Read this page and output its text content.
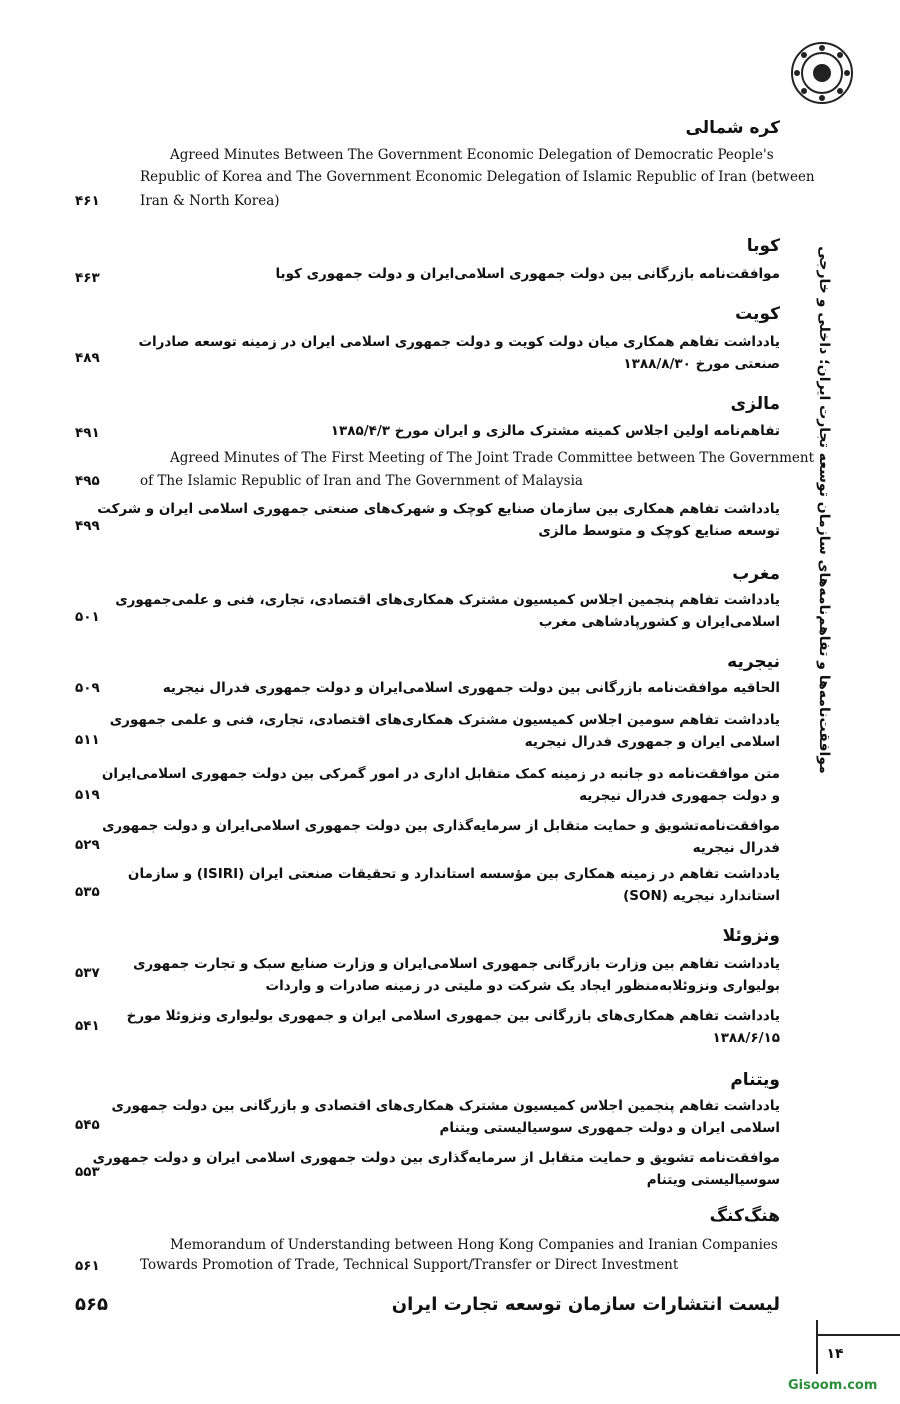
موافقت‌نامه‌ها و تفاهم‌نامه‌های سازمان توسعه تجارت ایران؛ داخلی و خارجی
کره شمالی
Agreed Minutes Between The Government Economic Delegation of Democratic People's
Republic of Korea and The Government Economic Delegation of Islamic Republic of Iran (between
Iran & North Korea)
۴۶۱
کوبا
موافقت‌نامه بازرگانی بین دولت جمهوری اسلامی‌ایران و دولت جمهوری کوبا
۴۶۳
کویت
یادداشت تفاهم همکاری میان دولت کویت و دولت جمهوری اسلامی ایران در زمینه توسعه صادرات
صنعتی مورخ ۱۳۸۸/۸/۳۰
۴۸۹
مالزی
تفاهم‌نامه اولین اجلاس کمیته مشترک مالزی و ایران مورخ ۱۳۸۵/۴/۳
۴۹۱
Agreed Minutes of The First Meeting of The Joint Trade Committee between The Government
of The Islamic Republic of Iran and The Government of Malaysia
۴۹۵
یادداشت تفاهم همکاری بین سازمان صنایع کوچک و شهرک‌های صنعتی جمهوری اسلامی ایران و شرکت
توسعه صنایع کوچک و متوسط مالزی
۴۹۹
مغرب
یادداشت تفاهم پنجمین اجلاس کمیسیون مشترک همکاری‌های اقتصادی، تجاری، فنی و علمی‌جمهوری
اسلامی‌ایران و کشورپادشاهی مغرب
۵۰۱
نیجریه
الحاقیه موافقت‌نامه بازرگانی بین دولت جمهوری اسلامی‌ایران و دولت جمهوری فدرال نیجریه
۵۰۹
یادداشت تفاهم سومین اجلاس کمیسیون مشترک همکاری‌های اقتصادی، تجاری، فنی و علمی جمهوری
اسلامی ایران و جمهوری فدرال نیجریه
۵۱۱
متن موافقت‌نامه دو جانبه در زمینه کمک متقابل اداری در امور گمرکی بین دولت جمهوری اسلامی‌ایران
و دولت جمهوری فدرال نیجریه
۵۱۹
موافقت‌نامه‌تشویق و حمایت متقابل از سرمایه‌گذاری بین دولت جمهوری اسلامی‌ایران و دولت جمهوری
فدرال نیجریه
۵۲۹
یادداشت تفاهم در زمینه همکاری بین مؤسسه استاندارد و تحقیقات صنعتی ایران (ISIRI) و سازمان
استاندارد نیجریه (SON)
۵۳۵
ونزوئلا
یادداشت تفاهم بین وزارت بازرگانی جمهوری اسلامی‌ایران و وزارت صنایع سبک و تجارت جمهوری
بولیواری ونزوئلابه‌منظور ایجاد یک شرکت دو ملیتی در زمینه صادرات و واردات
۵۳۷
یادداشت تفاهم همکاری‌های بازرگانی بین جمهوری اسلامی ایران و جمهوری بولیواری ونزوئلا مورخ
۱۳۸۸/۶/۱۵
۵۴۱
ویتنام
یادداشت تفاهم پنجمین اجلاس کمیسیون مشترک همکاری‌های اقتصادی و بازرگانی بین دولت جمهوری
اسلامی ایران و دولت جمهوری سوسیالیستی ویتنام
۵۴۵
موافقت‌نامه تشویق و حمایت متقابل از سرمایه‌گذاری بین دولت جمهوری اسلامی ایران و دولت جمهوری
سوسیالیستی ویتنام
۵۵۳
هنگ‌کنگ
Memorandum of Understanding between Hong Kong Companies and Iranian Companies
Towards Promotion of Trade, Technical Support/Transfer or Direct Investment
۵۶۱
لیست انتشارات سازمان توسعه تجارت ایران
۵۶۵
۱۴
Gisoom.com
